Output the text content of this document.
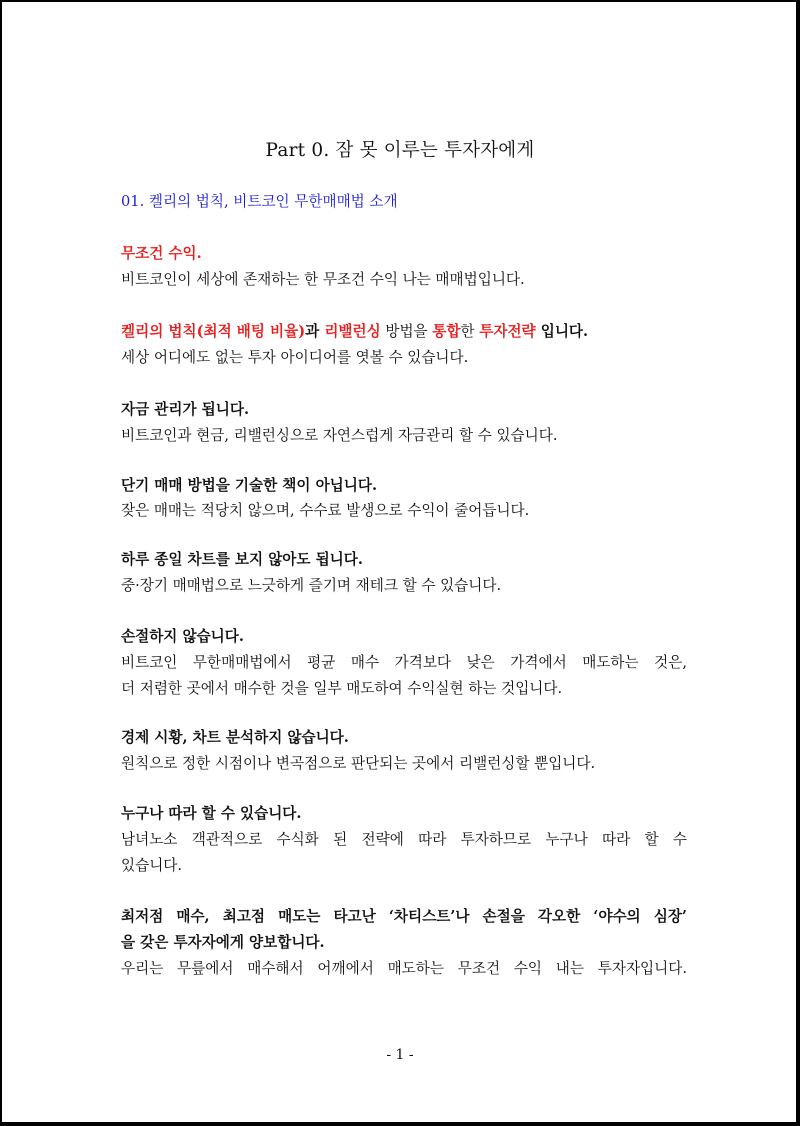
Part 0. 잠 못 이루는 투자자에게
01. 켈리의 법칙, 비트코인 무한매매법 소개
무조건 수익.
비트코인이 세상에 존재하는 한 무조건 수익 나는 매매법입니다.
켈리의 법칙(최적 배팅 비율)과 리밸런싱 방법을 통합한 투자전략 입니다.
세상 어디에도 없는 투자 아이디어를 엿볼 수 있습니다.
자금 관리가 됩니다.
비트코인과 현금, 리밸런싱으로 자연스럽게 자금관리 할 수 있습니다.
단기 매매 방법을 기술한 책이 아닙니다.
잦은 매매는 적당치 않으며, 수수료 발생으로 수익이 줄어듭니다.
하루 종일 차트를 보지 않아도 됩니다.
중·장기 매매법으로 느긋하게 즐기며 재테크 할 수 있습니다.
손절하지 않습니다.
비트코인 무한매매법에서 평균 매수 가격보다 낮은 가격에서 매도하는 것은,
더 저렴한 곳에서 매수한 것을 일부 매도하여 수익실현 하는 것입니다.
경제 시황, 차트 분석하지 않습니다.
원칙으로 정한 시점이나 변곡점으로 판단되는 곳에서 리밸런싱할 뿐입니다.
누구나 따라 할 수 있습니다.
남녀노소 객관적으로 수식화 된 전략에 따라 투자하므로 누구나 따라 할 수
있습니다.
최저점 매수, 최고점 매도는 타고난 ‘차티스트’나 손절을 각오한 ‘야수의 심장’
을 갖은 투자자에게 양보합니다.
우리는 무릎에서 매수해서 어깨에서 매도하는 무조건 수익 내는 투자자입니다.
- 1 -
